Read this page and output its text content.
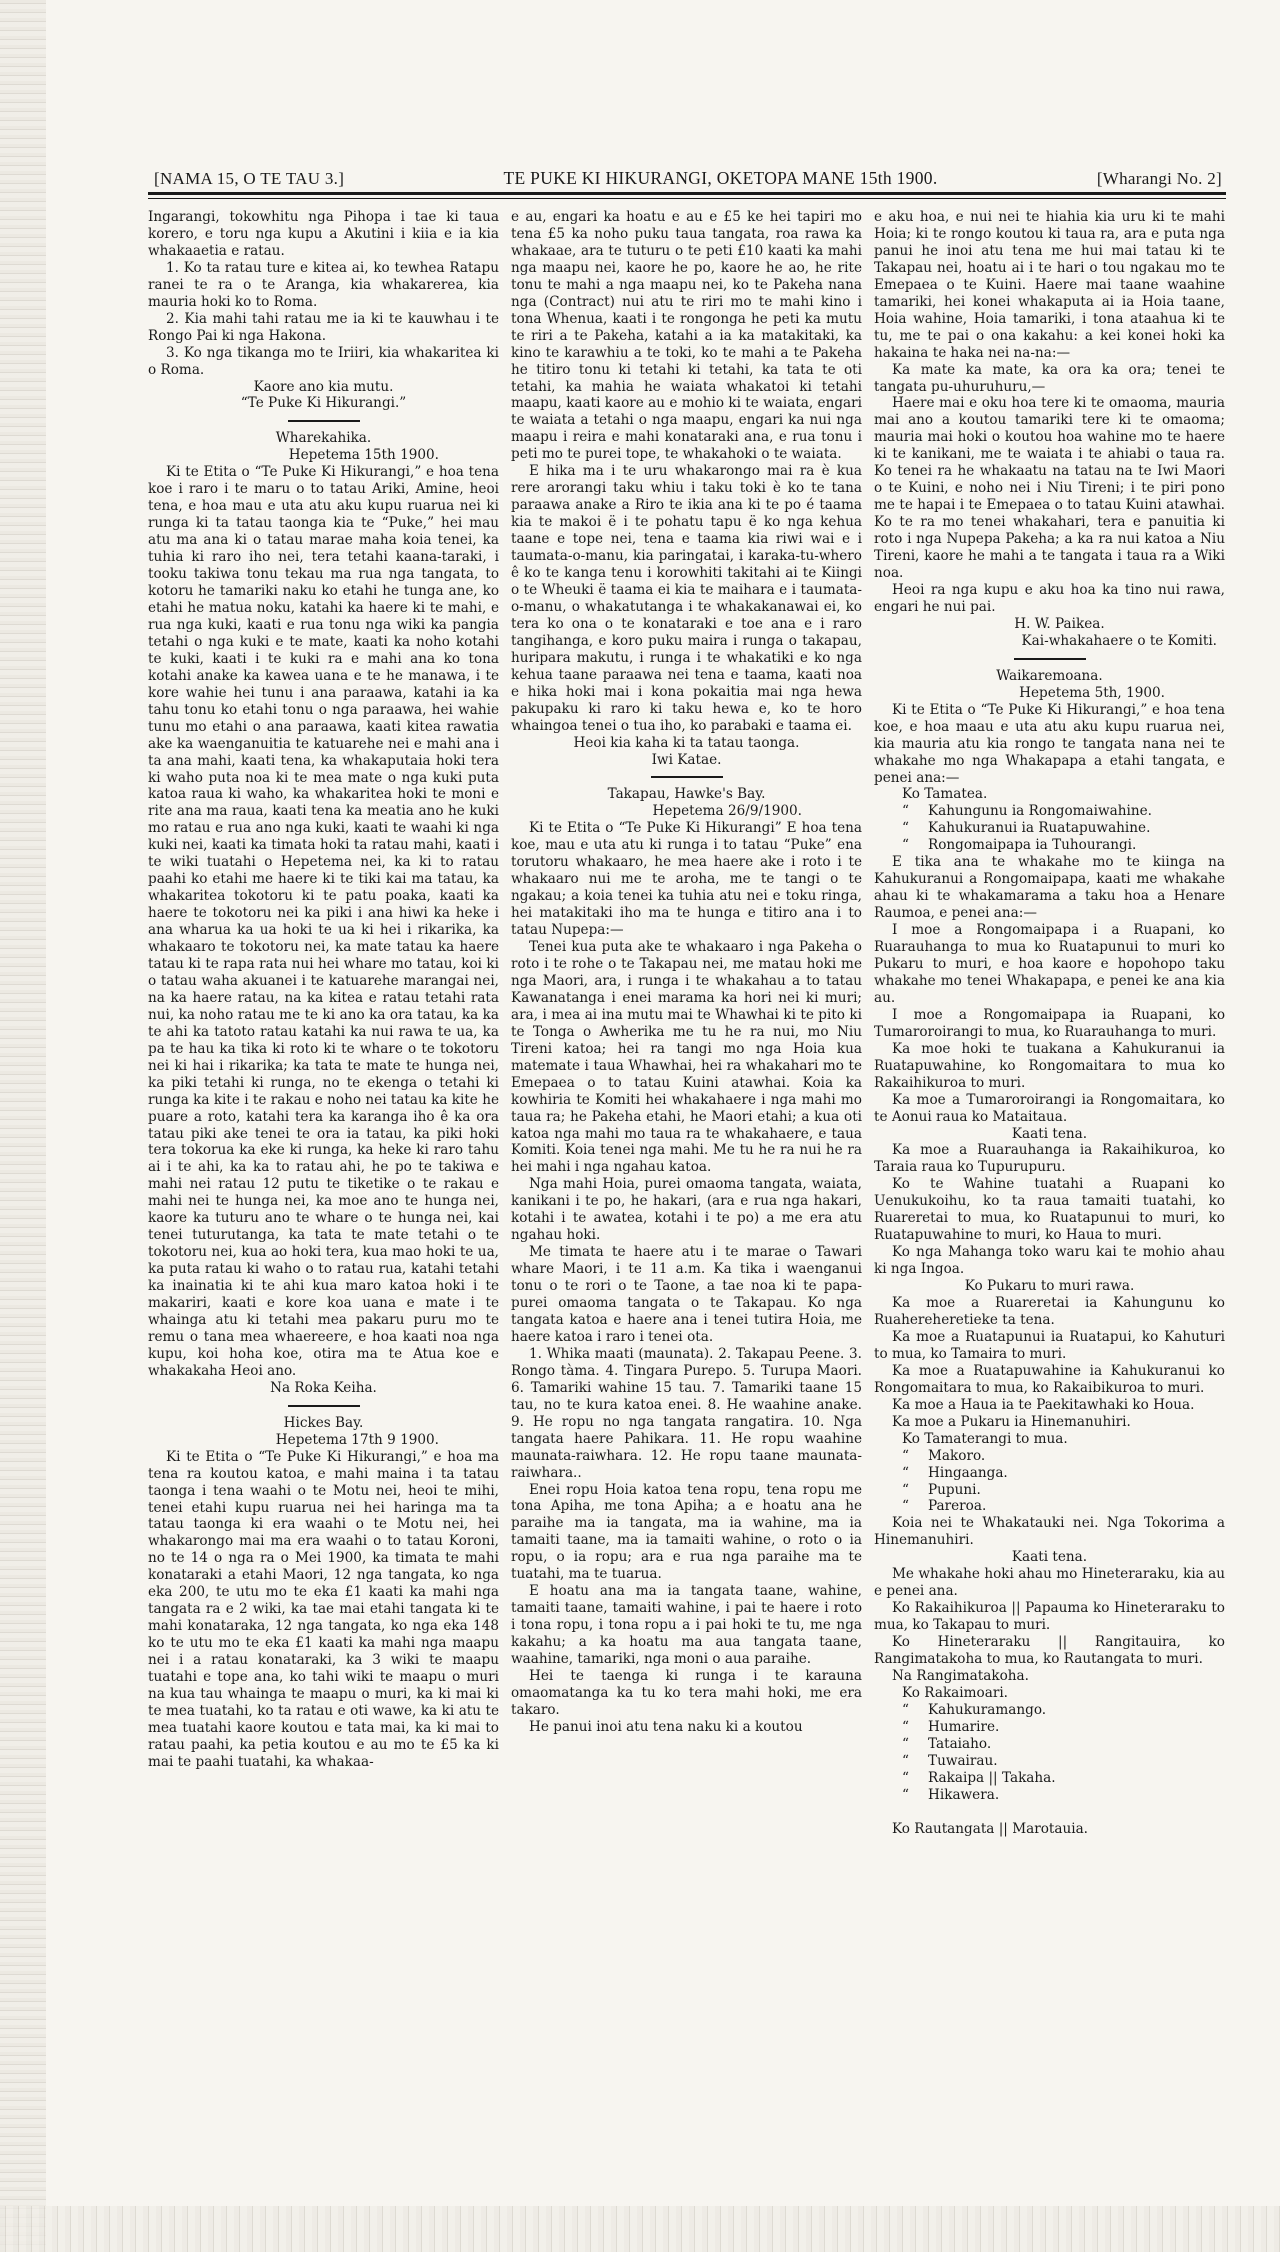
[NAMA 15, O TE TAU 3.]	TE PUKE KI HIKURANGI, OKETOPA MANE 15th 1900.	[Wharangi No. 2]

Ingarangi, tokowhitu nga Pihopa i tae ki taua korero, e toru nga kupu a Akutini i kiia e ia kia whakaaetia e ratau.

1. Ko ta ratau ture e kitea ai, ko tewhea Ratapu ranei te ra o te Aranga, kia whakarerea, kia mauria hoki ko to Roma.

2. Kia mahi tahi ratau me ia ki te kauwhau i te Rongo Pai ki nga Hakona.

3. Ko nga tikanga mo te Iriiri, kia whakaritea ki o Roma.

Kaore ano kia mutu.

“Te Puke Ki Hikurangi.”

Wharekahika.

Hepetema 15th 1900.

Ki te Etita o “Te Puke Ki Hikurangi,” e hoa tena koe i raro i te maru o to tatau Ariki, Amine, heoi tena, e hoa mau e uta atu aku kupu ruarua nei ki runga ki ta tatau taonga kia te “Puke,” hei mau atu ma ana ki o tatau marae maha koia tenei, ka tuhia ki raro iho nei, tera tetahi kaana-taraki, i tooku takiwa tonu tekau ma rua nga tangata, to kotoru he tamariki naku ko etahi he tunga ane, ko etahi he matua noku, katahi ka haere ki te mahi, e rua nga kuki, kaati e rua tonu nga wiki ka pangia tetahi o nga kuki e te mate, kaati ka noho kotahi te kuki, kaati i te kuki ra e mahi ana ko tona kotahi anake ka kawea uana e te he manawa, i te kore wahie hei tunu i ana paraawa, katahi ia ka tahu tonu ko etahi tonu o nga paraawa, hei wahie tunu mo etahi o ana paraawa, kaati kitea rawatia ake ka waenganuitia te katuarehe nei e mahi ana i ta ana mahi, kaati tena, ka whakaputaia hoki tera ki waho puta noa ki te mea mate o nga kuki puta katoa raua ki waho, ka whakaritea hoki te moni e rite ana ma raua, kaati tena ka meatia ano he kuki mo ratau e rua ano nga kuki, kaati te waahi ki nga kuki nei, kaati ka timata hoki ta ratau mahi, kaati i te wiki tuatahi o Hepetema nei, ka ki to ratau paahi ko etahi me haere ki te tiki kai ma tatau, ka whakaritea tokotoru ki te patu poaka, kaati ka haere te tokotoru nei ka piki i ana hiwi ka heke i ana wharua ka ua hoki te ua ki hei i rikarika, ka whakaaro te tokotoru nei, ka mate tatau ka haere tatau ki te rapa rata nui hei whare mo tatau, koi ki o tatau waha akuanei i te katuarehe marangai nei, na ka haere ratau, na ka kitea e ratau tetahi rata nui, ka noho ratau me te ki ano ka ora tatau, ka ka te ahi ka tatoto ratau katahi ka nui rawa te ua, ka pa te hau ka tika ki roto ki te whare o te tokotoru nei ki hai i rikarika; ka tata te mate te hunga nei, ka piki tetahi ki runga, no te ekenga o tetahi ki runga ka kite i te rakau e noho nei tatau ka kite he puare a roto, katahi tera ka karanga iho ê ka ora tatau piki ake tenei te ora ia tatau, ka piki hoki tera tokorua ka eke ki runga, ka heke ki raro tahu ai i te ahi, ka ka to ratau ahi, he po te takiwa e mahi nei ratau 12 putu te tiketike o te rakau e mahi nei te hunga nei, ka moe ano te hunga nei, kaore ka tuturu ano te whare o te hunga nei, kai tenei tuturutanga, ka tata te mate tetahi o te tokotoru nei, kua ao hoki tera, kua mao hoki te ua, ka puta ratau ki waho o to ratau rua, katahi tetahi ka inainatia ki te ahi kua maro katoa hoki i te makariri, kaati e kore koa uana e mate i te whainga atu ki tetahi mea pakaru puru mo te remu o tana mea whaereere, e hoa kaati noa nga kupu, koi hoha koe, otira ma te Atua koe e whakakaha Heoi ano.

Na Roka Keiha.

Hickes Bay.

Hepetema 17th 9 1900.

Ki te Etita o “Te Puke Ki Hikurangi,” e hoa ma tena ra koutou katoa, e mahi maina i ta tatau taonga i tena waahi o te Motu nei, heoi te mihi, tenei etahi kupu ruarua nei hei haringa ma ta tatau taonga ki era waahi o te Motu nei, hei whakarongo mai ma era waahi o to tatau Koroni, no te 14 o nga ra o Mei 1900, ka timata te mahi konataraki a etahi Maori, 12 nga tangata, ko nga eka 200, te utu mo te eka £1 kaati ka mahi nga tangata ra e 2 wiki, ka tae mai etahi tangata ki te mahi konataraka, 12 nga tangata, ko nga eka 148 ko te utu mo te eka £1 kaati ka mahi nga maapu nei i a ratau konataraki, ka 3 wiki te maapu tuatahi e tope ana, ko tahi wiki te maapu o muri na kua tau whainga te maapu o muri, ka ki mai ki te mea tuatahi, ko ta ratau e oti wawe, ka ki atu te mea tuatahi kaore koutou e tata mai, ka ki mai to ratau paahi, ka petia koutou e au mo te £5 ka ki mai te paahi tuatahi, ka whakaa-

e au, engari ka hoatu e au e £5 ke hei tapiri mo tena £5 ka noho puku taua tangata, roa rawa ka whakaae, ara te tuturu o te peti £10 kaati ka mahi nga maapu nei, kaore he po, kaore he ao, he rite tonu te mahi a nga maapu nei, ko te Pakeha nana nga (Contract) nui atu te riri mo te mahi kino i tona Whenua, kaati i te rongonga he peti ka mutu te riri a te Pakeha, katahi a ia ka matakitaki, ka kino te karawhiu a te toki, ko te mahi a te Pakeha he titiro tonu ki tetahi ki tetahi, ka tata te oti tetahi, ka mahia he waiata whakatoi ki tetahi maapu, kaati kaore au e mohio ki te waiata, engari te waiata a tetahi o nga maapu, engari ka nui nga maapu i reira e mahi konataraki ana, e rua tonu i peti mo te purei tope, te whakahoki o te waiata.

E hika ma i te uru whakarongo mai ra è kua rere arorangi taku whiu i taku toki è ko te tana paraawa anake a Riro te ikia ana ki te po é taama kia te makoi ë i te pohatu tapu ë ko nga kehua taane e tope nei, tena e taama kia riwi wai e i taumata-o-manu, kia paringatai, i karaka-tu-whero ê ko te kanga tenu i korowhiti takitahi ai te Kiingi o te Wheuki ë taama ei kia te maihara e i taumata-o-manu, o whakatutanga i te whakakanawai ei, ko tera ko ona o te konataraki e toe ana e i raro tangihanga, e koro puku maira i runga o takapau, huripara makutu, i runga i te whakatiki e ko nga kehua taane paraawa nei tena e taama, kaati noa e hika hoki mai i kona pokaitia mai nga hewa pakupaku ki raro ki taku hewa e, ko te horo whaingoa tenei o tua iho, ko parabaki e taama ei.

Heoi kia kaha ki ta tatau taonga.

Iwi Katae.

Takapau, Hawke's Bay.

Hepetema 26/9/1900.

Ki te Etita o “Te Puke Ki Hikurangi” E hoa tena koe, mau e uta atu ki runga i to tatau “Puke” ena torutoru whakaaro, he mea haere ake i roto i te whakaaro nui me te aroha, me te tangi o te ngakau; a koia tenei ka tuhia atu nei e toku ringa, hei matakitaki iho ma te hunga e titiro ana i to tatau Nupepa:—

Tenei kua puta ake te whakaaro i nga Pakeha o roto i te rohe o te Takapau nei, me matau hoki me nga Maori, ara, i runga i te whakahau a to tatau Kawanatanga i enei marama ka hori nei ki muri; ara, i mea ai ina mutu mai te Whawhai ki te pito ki te Tonga o Awherika me tu he ra nui, mo Niu Tireni katoa; hei ra tangi mo nga Hoia kua matemate i taua Whawhai, hei ra whakahari mo te Emepaea o to tatau Kuini atawhai. Koia ka kowhiria te Komiti hei whakahaere i nga mahi mo taua ra; he Pakeha etahi, he Maori etahi; a kua oti katoa nga mahi mo taua ra te whakahaere, e taua Komiti. Koia tenei nga mahi. Me tu he ra nui he ra hei mahi i nga ngahau katoa.

Nga mahi Hoia, purei omaoma tangata, waiata, kanikani i te po, he hakari, (ara e rua nga hakari, kotahi i te awatea, kotahi i te po) a me era atu ngahau hoki.

Me timata te haere atu i te marae o Tawari whare Maori, i te 11 a.m. Ka tika i waenganui tonu o te rori o te Taone, a tae noa ki te papa-purei omaoma tangata o te Takapau. Ko nga tangata katoa e haere ana i tenei tutira Hoia, me haere katoa i raro i tenei ota.

1. Whika maati (maunata). 2. Takapau Peene. 3. Rongo tàma. 4. Tingara Purepo. 5. Turupa Maori. 6. Tamariki wahine 15 tau. 7. Tamariki taane 15 tau, no te kura katoa enei. 8. He waahine anake. 9. He ropu no nga tangata rangatira. 10. Nga tangata haere Pahikara. 11. He ropu waahine maunata-raiwhara. 12. He ropu taane maunata-raiwhara..

Enei ropu Hoia katoa tena ropu, tena ropu me tona Apiha, me tona Apiha; a e hoatu ana he paraihe ma ia tangata, ma ia wahine, ma ia tamaiti taane, ma ia tamaiti wahine, o roto o ia ropu, o ia ropu; ara e rua nga paraihe ma te tuatahi, ma te tuarua.

E hoatu ana ma ia tangata taane, wahine, tamaiti taane, tamaiti wahine, i pai te haere i roto i tona ropu, i tona ropu a i pai hoki te tu, me nga kakahu; a ka hoatu ma aua tangata taane, waahine, tamariki, nga moni o aua paraihe.

Hei te taenga ki runga i te karauna omaomatanga ka tu ko tera mahi hoki, me era takaro.

He panui inoi atu tena naku ki a koutou

e aku hoa, e nui nei te hiahia kia uru ki te mahi Hoia; ki te rongo koutou ki taua ra, ara e puta nga panui he inoi atu tena me hui mai tatau ki te Takapau nei, hoatu ai i te hari o tou ngakau mo te Emepaea o te Kuini. Haere mai taane waahine tamariki, hei konei whakaputa ai ia Hoia taane, Hoia wahine, Hoia tamariki, i tona ataahua ki te tu, me te pai o ona kakahu: a kei konei hoki ka hakaina te haka nei na-na:—

Ka mate ka mate, ka ora ka ora; tenei te tangata pu-uhuruhuru,—

Haere mai e oku hoa tere ki te omaoma, mauria mai ano a koutou tamariki tere ki te omaoma; mauria mai hoki o koutou hoa wahine mo te haere ki te kanikani, me te waiata i te ahiabi o taua ra. Ko tenei ra he whakaatu na tatau na te Iwi Maori o te Kuini, e noho nei i Niu Tireni; i te piri pono me te hapai i te Emepaea o to tatau Kuini atawhai. Ko te ra mo tenei whakahari, tera e panuitia ki roto i nga Nupepa Pakeha; a ka ra nui katoa a Niu Tireni, kaore he mahi a te tangata i taua ra a Wiki noa.

Heoi ra nga kupu e aku hoa ka tino nui rawa, engari he nui pai.

H. W. Paikea.

Kai-whakahaere o te Komiti.

Waikaremoana.

Hepetema 5th, 1900.

Ki te Etita o “Te Puke Ki Hikurangi,” e hoa tena koe, e hoa maau e uta atu aku kupu ruarua nei, kia mauria atu kia rongo te tangata nana nei te whakahe mo nga Whakapapa a etahi tangata, e penei ana:—

Ko Tamatea.

“ Kahungunu ia Rongomaiwahine.

“ Kahukuranui ia Ruatapuwahine.

“ Rongomaipapa ia Tuhourangi.

E tika ana te whakahe mo te kiinga na Kahukuranui a Rongomaipapa, kaati me whakahe ahau ki te whakamarama a taku hoa a Henare Raumoa, e penei ana:—

I moe a Rongomaipapa i a Ruapani, ko Ruarauhanga to mua ko Ruatapunui to muri ko Pukaru to muri, e hoa kaore e hopohopo taku whakahe mo tenei Whakapapa, e penei ke ana kia au.

I moe a Rongomaipapa ia Ruapani, ko Tumaroroirangi to mua, ko Ruarauhanga to muri.

Ka moe hoki te tuakana a Kahukuranui ia Ruatapuwahine, ko Rongomaitara to mua ko Rakaihikuroa to muri.

Ka moe a Tumaroroirangi ia Rongomaitara, ko te Aonui raua ko Mataitaua.

Kaati tena.

Ka moe a Ruarauhanga ia Rakaihikuroa, ko Taraia raua ko Tupurupuru.

Ko te Wahine tuatahi a Ruapani ko Uenukukoihu, ko ta raua tamaiti tuatahi, ko Ruareretai to mua, ko Ruatapunui to muri, ko Ruatapuwahine to muri, ko Haua to muri.

Ko nga Mahanga toko waru kai te mohio ahau ki nga Ingoa.

Ko Pukaru to muri rawa.

Ka moe a Ruareretai ia Kahungunu ko Ruahereheretieke ta tena.

Ka moe a Ruatapunui ia Ruatapui, ko Kahuturi to mua, ko Tamaira to muri.

Ka moe a Ruatapuwahine ia Kahukuranui ko Rongomaitara to mua, ko Rakaibikuroa to muri.

Ka moe a Haua ia te Paekitawhaki ko Houa.

Ka moe a Pukaru ia Hinemanuhiri.

Ko Tamaterangi to mua.

“ Makoro.

“ Hingaanga.

“ Pupuni.

“ Pareroa.

Koia nei te Whakatauki nei. Nga Tokorima a Hinemanuhiri.

Kaati tena.

Me whakahe hoki ahau mo Hineteraraku, kia au e penei ana.

Ko Rakaihikuroa || Papauma ko Hineteraraku to mua, ko Takapau to muri.

Ko Hineteraraku || Rangitauira, ko Rangimatakoha to mua, ko Rautangata to muri.

Na Rangimatakoha.

Ko Rakaimoari.

“ Kahukuramango.

“ Humarire.

“ Tataiaho.

“ Tuwairau.

“ Rakaipa || Takaha.

“ Hikawera.

Ko Rautangata || Marotauia.
